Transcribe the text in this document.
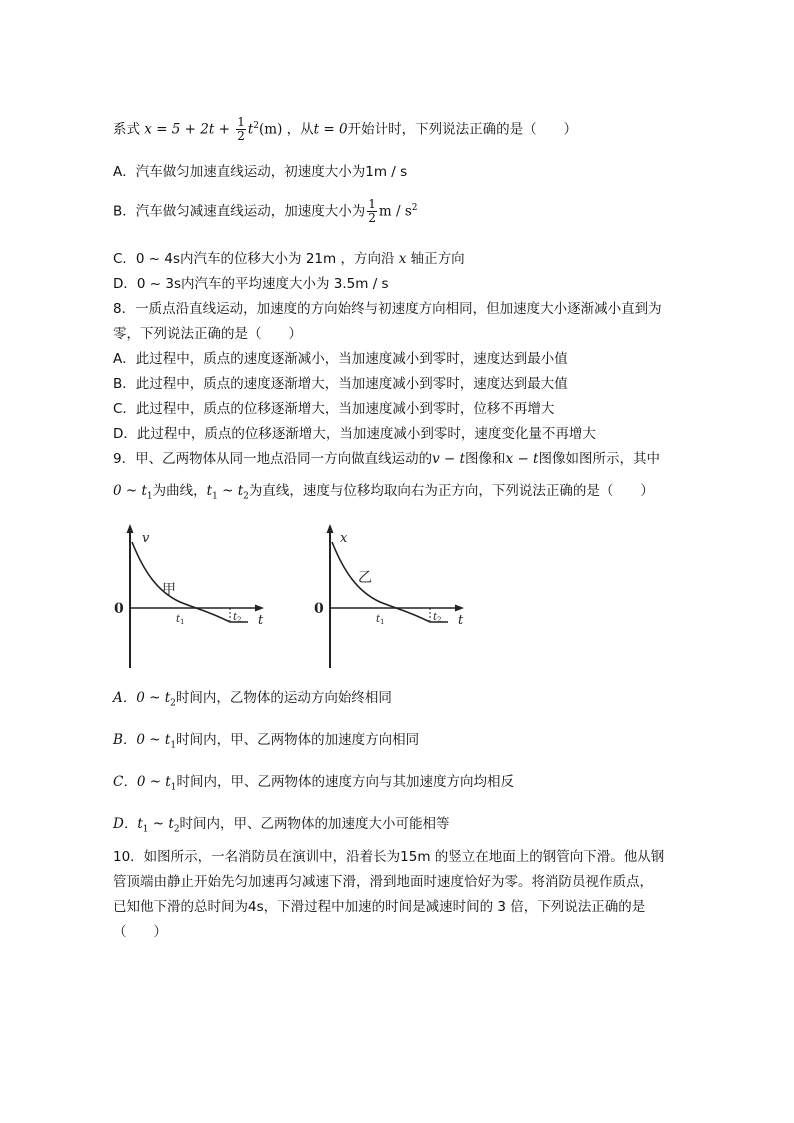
系式 $x = 5 + 2t + \frac{1}{2} t^2(m)$ ，从t = 0开始计时，下列说法正确的是（　　）
A．汽车做匀加速直线运动，初速度大小为1m / s
B．汽车做匀减速直线运动，加速度大小为 $\frac{1}{2}$ m / $s^2$
C．0 ~ 4s内汽车的位移大小为 21m ，方向沿 x 轴正方向
D．0 ~ 3s内汽车的平均速度大小为 3.5m / s
8．一质点沿直线运动，加速度的方向始终与初速度方向相同，但加速度大小逐渐减小直到为
零，下列说法正确的是（　　）
A．此过程中，质点的速度逐渐减小，当加速度减小到零时，速度达到最小值
B．此过程中，质点的速度逐渐增大，当加速度减小到零时，速度达到最大值
C．此过程中，质点的位移逐渐增大，当加速度减小到零时，位移不再增大
D．此过程中，质点的位移逐渐增大，当加速度减小到零时，速度变化量不再增大
9．甲、乙两物体从同一地点沿同一方向做直线运动的v − t图像和x − t图像如图所示，其中
0 ~ $t_1$为曲线，$t_1$ ~ $t_2$为直线，速度与位移均取向右为正方向，下列说法正确的是（　　）
v
t
0
甲
$t_1$	$t_2$
x
t
0
乙
$t_1$	$t_2$
A．0 ~ $t_2$时间内，乙物体的运动方向始终相同
B．0 ~ $t_1$时间内，甲、乙两物体的加速度方向相同
C．0 ~ $t_1$时间内，甲、乙两物体的速度方向与其加速度方向均相反
D．$t_1$ ~ $t_2$时间内，甲、乙两物体的加速度大小可能相等
10．如图所示，一名消防员在演训中，沿着长为15m 的竖立在地面上的钢管向下滑。他从钢
管顶端由静止开始先匀加速再匀减速下滑，滑到地面时速度恰好为零。将消防员视作质点，
已知他下滑的总时间为4s，下滑过程中加速的时间是减速时间的 3 倍，下列说法正确的是
（　　）
